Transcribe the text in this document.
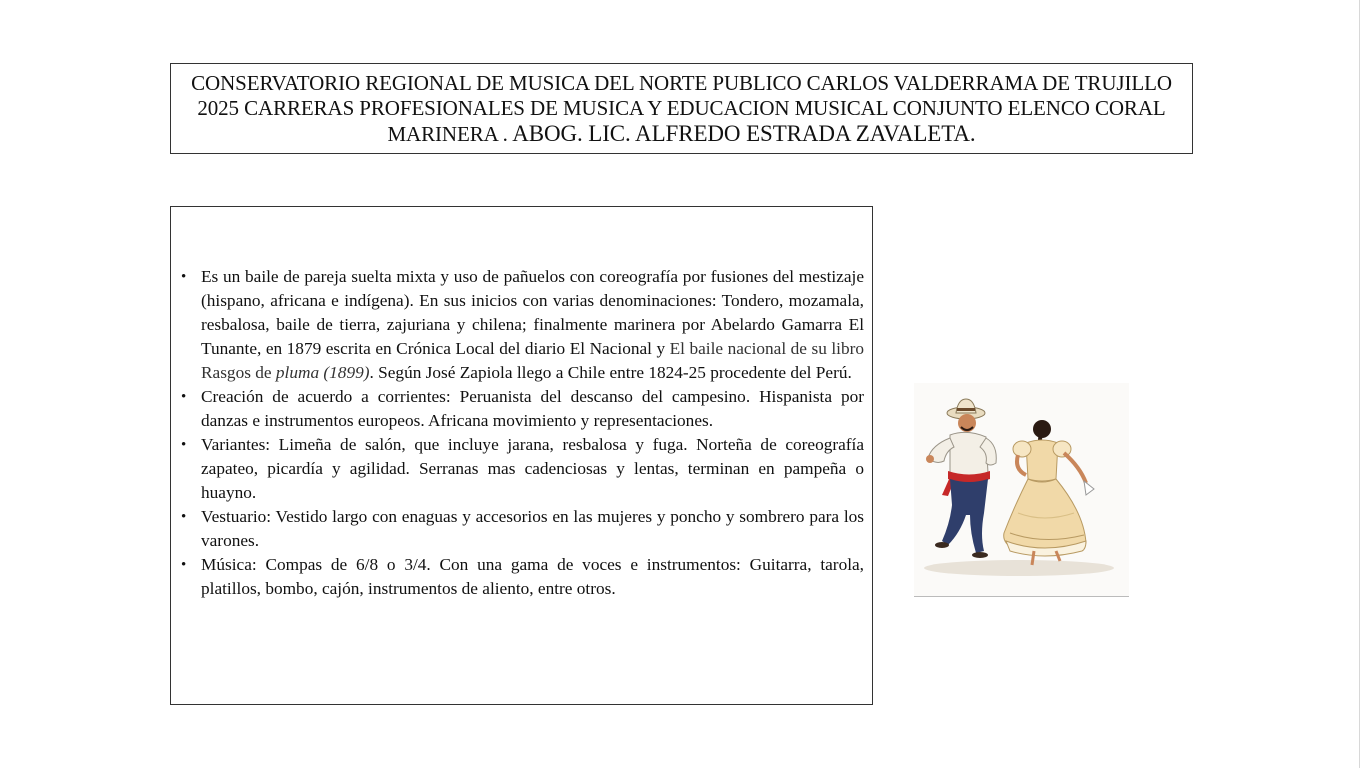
CONSERVATORIO REGIONAL DE MUSICA DEL NORTE PUBLICO CARLOS VALDERRAMA DE TRUJILLO 2025 CARRERAS PROFESIONALES DE MUSICA Y EDUCACION MUSICAL CONJUNTO ELENCO CORAL MARINERA . ABOG. LIC. ALFREDO ESTRADA ZAVALETA.
• Es un baile de pareja suelta mixta y uso de pañuelos con coreografía por fusiones del mestizaje (hispano, africana e indígena). En sus inicios con varias denominaciones: Tondero, mozamala, resbalosa, baile de tierra, zajuriana y chilena; finalmente marinera por Abelardo Gamarra El Tunante, en 1879 escrita en Crónica Local del diario El Nacional y El baile nacional de su libro Rasgos de pluma (1899). Según José Zapiola llego a Chile entre 1824-25 procedente del Perú.
• Creación de acuerdo a corrientes: Peruanista del descanso del campesino. Hispanista por danzas e instrumentos europeos. Africana movimiento y representaciones.
• Variantes: Limeña de salón, que incluye jarana, resbalosa y fuga. Norteña de coreografía zapateo, picardía y agilidad. Serranas mas cadenciosas y lentas, terminan en pampeña o huayno.
• Vestuario: Vestido largo con enaguas y accesorios en las mujeres y poncho y sombrero para los varones.
• Música: Compas de 6/8 o 3/4. Con una gama de voces e instrumentos: Guitarra, tarola, platillos, bombo, cajón, instrumentos de aliento, entre otros.
